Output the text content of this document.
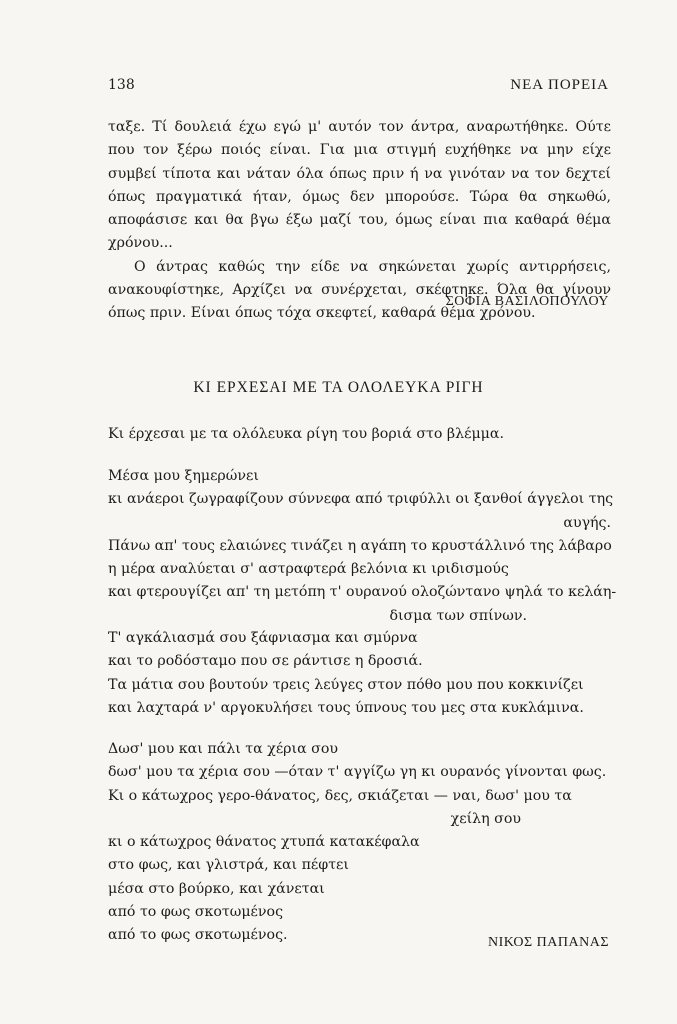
138	ΝΕΑ ΠΟΡΕΙΑ

ταξε. Τί δουλειά έχω εγώ μ' αυτόν τον άντρα, αναρωτήθηκε. Ούτε που τον ξέρω ποιός είναι. Για μια στιγμή ευχήθηκε να μην είχε συμβεί τίποτα και νάταν όλα όπως πριν ή να γινόταν να τον δεχτεί όπως πραγματικά ήταν, όμως δεν μπορούσε. Τώρα θα σηκωθώ, αποφάσισε και θα βγω έξω μαζί του, όμως είναι πια καθαρά θέμα χρόνου...

Ο άντρας καθώς την είδε να σηκώνεται χωρίς αντιρρήσεις, ανακουφίστηκε, Αρχίζει να συνέρχεται, σκέφτηκε. Όλα θα γίνουν όπως πριν. Είναι όπως τόχα σκεφτεί, καθαρά θέμα χρόνου.

ΣΟΦΙΑ ΒΑΣΙΛΟΠΟΥΛΟΥ
ΚΙ ΕΡΧΕΣΑΙ ΜΕ ΤΑ ΟΛΟΛΕΥΚΑ ΡΙΓΗ
Κι έρχεσαι με τα ολόλευκα ρίγη του βοριά στο βλέμμα.
Μέσα μου ξημερώνει
κι ανάεροι ζωγραφίζουν σύννεφα από τριφύλλι οι ξανθοί άγγελοι της
αυγής.
Πάνω απ' τους ελαιώνες τινάζει η αγάπη το κρυστάλλινό της λάβαρο
η μέρα αναλύεται σ' αστραφτερά βελόνια κι ιριδισμούς
και φτερουγίζει απ' τη μετόπη τ' ουρανού ολοζώντανο ψηλά το κελάη-
δισμα των σπίνων.
Τ' αγκάλιασμά σου ξάφνιασμα και σμύρνα
και το ροδόσταμο που σε ράντισε η δροσιά.
Τα μάτια σου βουτούν τρεις λεύγες στον πόθο μου που κοκκινίζει
και λαχταρά ν' αργοκυλήσει τους ύπνους του μες στα κυκλάμινα.
Δωσ' μου και πάλι τα χέρια σου
δωσ' μου τα χέρια σου —όταν τ' αγγίζω γη κι ουρανός γίνονται φως.
Κι ο κάτωχρος γερο-θάνατος, δες, σκιάζεται — ναι, δωσ' μου τα
χείλη σου
κι ο κάτωχρος θάνατος χτυπά κατακέφαλα
στο φως, και γλιστρά, και πέφτει
μέσα στο βούρκο, και χάνεται
από το φως σκοτωμένος
από το φως σκοτωμένος.	ΝΙΚΟΣ ΠΑΠΑΝΑΣ
